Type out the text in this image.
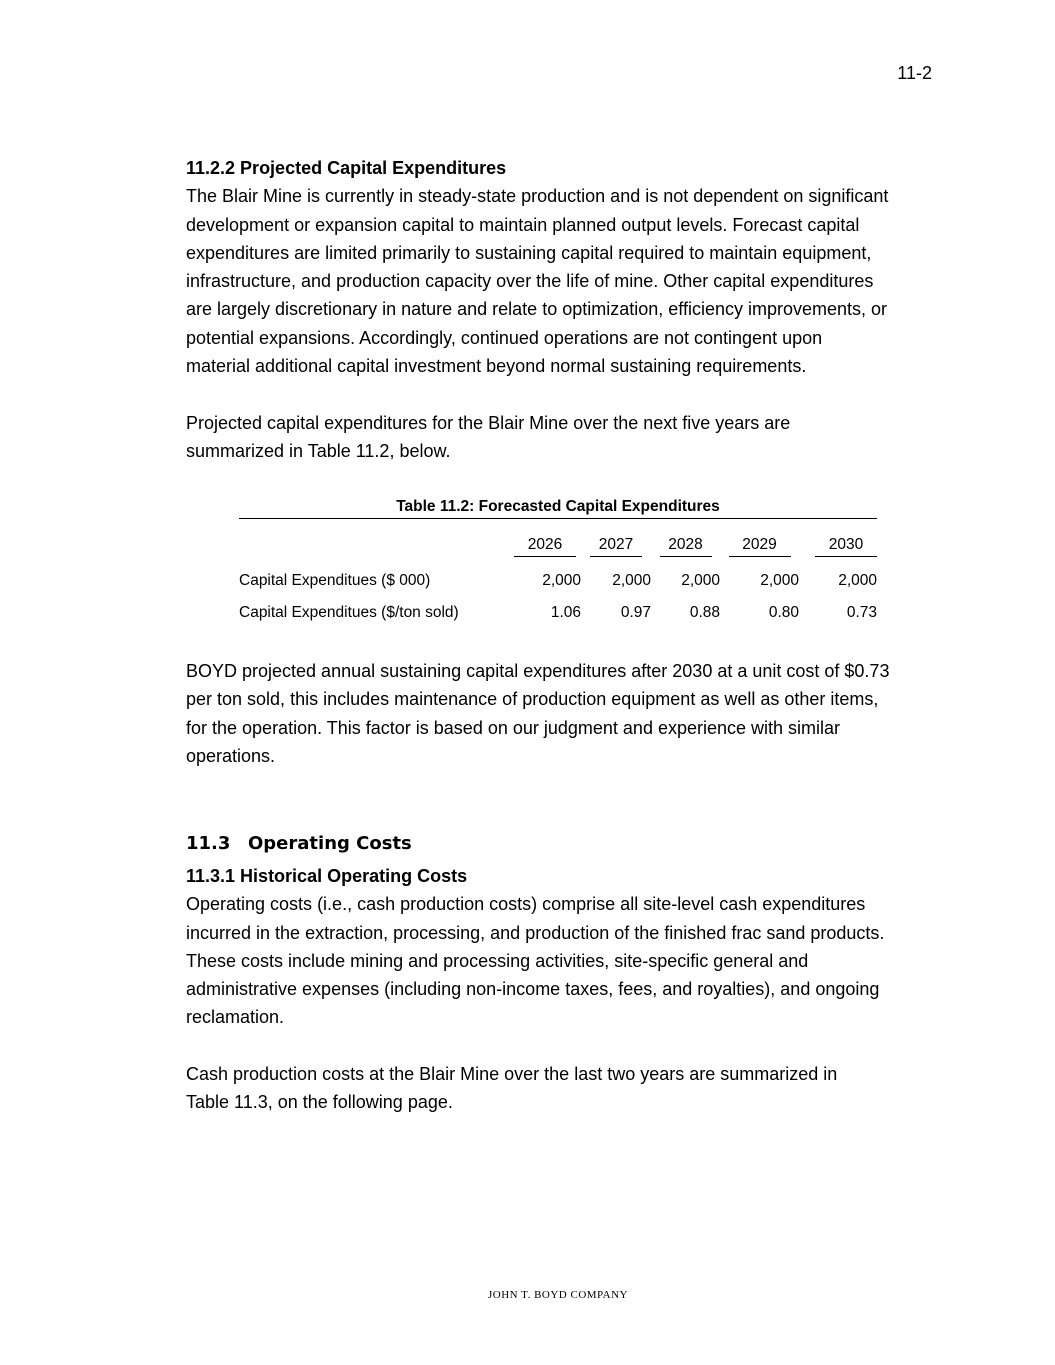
11-2

11.2.2 Projected Capital Expenditures

The Blair Mine is currently in steady-state production and is not dependent on significant

development or expansion capital to maintain planned output levels. Forecast capital

expenditures are limited primarily to sustaining capital required to maintain equipment,

infrastructure, and production capacity over the life of mine. Other capital expenditures

are largely discretionary in nature and relate to optimization, efficiency improvements, or

potential expansions. Accordingly, continued operations are not contingent upon

material additional capital investment beyond normal sustaining requirements.

Projected capital expenditures for the Blair Mine over the next five years are

summarized in Table 11.2, below.

Table 11.2: Forecasted Capital Expenditures
	2026	2027	2028	2029	2030

Capital Expenditues ($ 000)	2,000	2,000	2,000	2,000	2,000
Capital Expenditues ($/ton sold)	1.06	0.97	0.88	0.80	0.73

BOYD projected annual sustaining capital expenditures after 2030 at a unit cost of $0.73

per ton sold, this includes maintenance of production equipment as well as other items,

for the operation. This factor is based on our judgment and experience with similar

operations.

11.3 Operating Costs

11.3.1 Historical Operating Costs

Operating costs (i.e., cash production costs) comprise all site-level cash expenditures

incurred in the extraction, processing, and production of the finished frac sand products.

These costs include mining and processing activities, site-specific general and

administrative expenses (including non-income taxes, fees, and royalties), and ongoing

reclamation.

Cash production costs at the Blair Mine over the last two years are summarized in

Table 11.3, on the following page.

JOHN T. BOYD COMPANY
